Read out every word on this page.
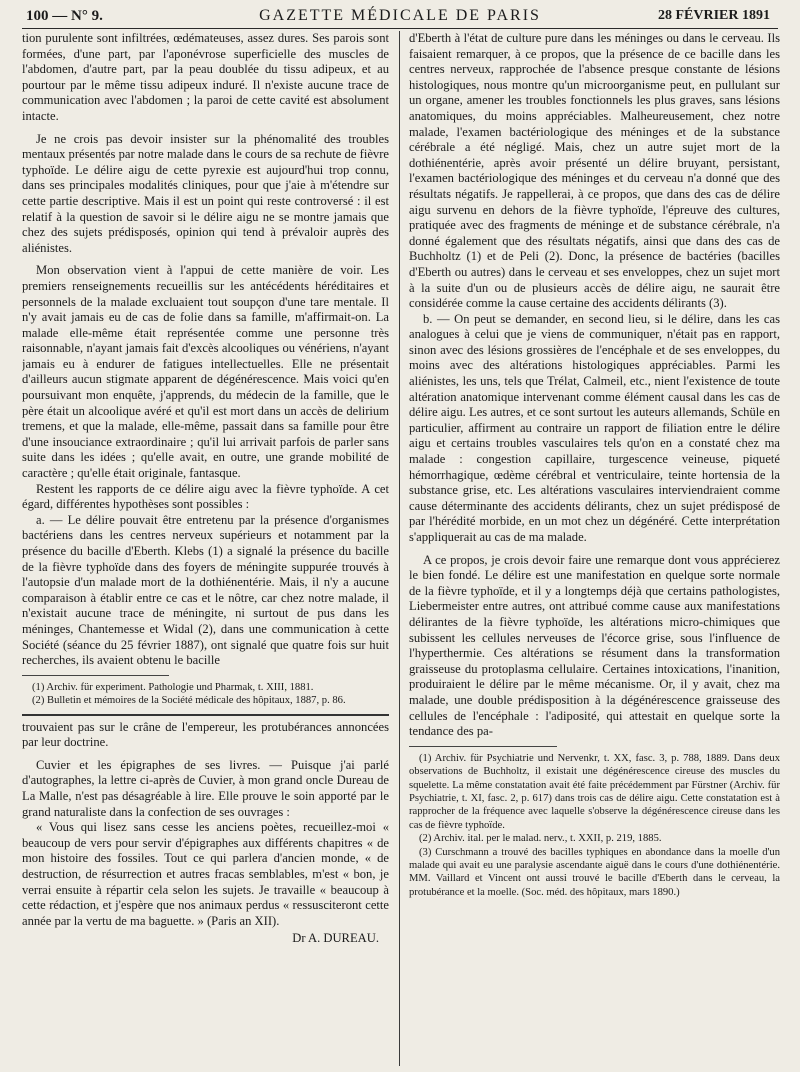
100 — N° 9.	GAZETTE MÉDICALE DE PARIS	28 FÉVRIER 1891

tion purulente sont infiltrées, œdémateuses, assez dures. Ses parois sont formées, d'une part, par l'aponévrose superficielle des muscles de l'abdomen, d'autre part, par la peau doublée du tissu adipeux, et au pourtour par le même tissu adipeux induré. Il n'existe aucune trace de communication avec l'abdomen ; la paroi de cette cavité est absolument intacte.

Je ne crois pas devoir insister sur la phénomalité des troubles mentaux présentés par notre malade dans le cours de sa rechute de fièvre typhoïde. Le délire aigu de cette pyrexie est aujourd'hui trop connu, dans ses principales modalités cliniques, pour que j'aie à m'étendre sur cette partie descriptive. Mais il est un point qui reste controversé : il est relatif à la question de savoir si le délire aigu ne se montre jamais que chez des sujets prédisposés, opinion qui tend à prévaloir auprès des aliénistes.

Mon observation vient à l'appui de cette manière de voir. Les premiers renseignements recueillis sur les antécédents héréditaires et personnels de la malade excluaient tout soupçon d'une tare mentale. Il n'y avait jamais eu de cas de folie dans sa famille, m'affirmait-on. La malade elle-même était représentée comme une personne très raisonnable, n'ayant jamais fait d'excès alcooliques ou vénériens, n'ayant jamais eu à endurer de fatigues intellectuelles. Elle ne présentait d'ailleurs aucun stigmate apparent de dégénérescence. Mais voici qu'en poursuivant mon enquête, j'apprends, du médecin de la famille, que le père était un alcoolique avéré et qu'il est mort dans un accès de delirium tremens, et que la malade, elle-même, passait dans sa famille pour être d'une insouciance extraordinaire ; qu'il lui arrivait parfois de parler sans suite dans les idées ; qu'elle avait, en outre, une grande mobilité de caractère ; qu'elle était originale, fantasque.

Restent les rapports de ce délire aigu avec la fièvre typhoïde. A cet égard, différentes hypothèses sont possibles :

a. — Le délire pouvait être entretenu par la présence d'organismes bactériens dans les centres nerveux supérieurs et notamment par la présence du bacille d'Eberth. Klebs (1) a signalé la présence du bacille de la fièvre typhoïde dans des foyers de méningite suppurée trouvés à l'autopsie d'un malade mort de la dothiénentérie. Mais, il n'y a aucune comparaison à établir entre ce cas et le nôtre, car chez notre malade, il n'existait aucune trace de méningite, ni surtout de pus dans les méninges, Chantemesse et Widal (2), dans une communication à cette Société (séance du 25 février 1887), ont signalé que quatre fois sur huit recherches, ils avaient obtenu le bacille

(1) Archiv. für experiment. Pathologie und Pharmak, t. XIII, 1881.

(2) Bulletin et mémoires de la Société médicale des hôpitaux, 1887, p. 86.

trouvaient pas sur le crâne de l'empereur, les protubérances annoncées par leur doctrine.

Cuvier et les épigraphes de ses livres. — Puisque j'ai parlé d'autographes, la lettre ci-après de Cuvier, à mon grand oncle Dureau de La Malle, n'est pas désagréable à lire. Elle prouve le soin apporté par le grand naturaliste dans la confection de ses ouvrages :

« Vous qui lisez sans cesse les anciens poètes, recueillez-moi « beaucoup de vers pour servir d'épigraphes aux différents chapitres « de mon histoire des fossiles. Tout ce qui parlera d'ancien monde, « de destruction, de résurrection et autres fracas semblables, m'est « bon, je verrai ensuite à répartir cela selon les sujets. Je travaille « beaucoup à cette rédaction, et j'espère que nos animaux perdus « ressusciteront cette année par la vertu de ma baguette. » (Paris an XII).

Dr A. DUREAU.

d'Eberth à l'état de culture pure dans les méninges ou dans le cerveau. Ils faisaient remarquer, à ce propos, que la présence de ce bacille dans les centres nerveux, rapprochée de l'absence presque constante de lésions histologiques, nous montre qu'un microorganisme peut, en pullulant sur un organe, amener les troubles fonctionnels les plus graves, sans lésions anatomiques, du moins appréciables. Malheureusement, chez notre malade, l'examen bactériologique des méninges et de la substance cérébrale a été négligé. Mais, chez un autre sujet mort de la dothiénentérie, après avoir présenté un délire bruyant, persistant, l'examen bactériologique des méninges et du cerveau n'a donné que des résultats négatifs. Je rappellerai, à ce propos, que dans des cas de délire aigu survenu en dehors de la fièvre typhoïde, l'épreuve des cultures, pratiquée avec des fragments de méninge et de substance cérébrale, n'a donné également que des résultats négatifs, ainsi que dans des cas de Buchholtz (1) et de Peli (2). Donc, la présence de bactéries (bacilles d'Eberth ou autres) dans le cerveau et ses enveloppes, chez un sujet mort à la suite d'un ou de plusieurs accès de délire aigu, ne saurait être considérée comme la cause certaine des accidents délirants (3).

b. — On peut se demander, en second lieu, si le délire, dans les cas analogues à celui que je viens de communiquer, n'était pas en rapport, sinon avec des lésions grossières de l'encéphale et de ses enveloppes, du moins avec des altérations histologiques appréciables. Parmi les aliénistes, les uns, tels que Trélat, Calmeil, etc., nient l'existence de toute altération anatomique intervenant comme élément causal dans les cas de délire aigu. Les autres, et ce sont surtout les auteurs allemands, Schüle en particulier, affirment au contraire un rapport de filiation entre le délire aigu et certains troubles vasculaires tels qu'on en a constaté chez ma malade : congestion capillaire, turgescence veineuse, piqueté hémorrhagique, œdème cérébral et ventriculaire, teinte hortensia de la substance grise, etc. Les altérations vasculaires interviendraient comme cause déterminante des accidents délirants, chez un sujet prédisposé de par l'hérédité morbide, en un mot chez un dégénéré. Cette interprétation s'appliquerait au cas de ma malade.

A ce propos, je crois devoir faire une remarque dont vous apprécierez le bien fondé. Le délire est une manifestation en quelque sorte normale de la fièvre typhoïde, et il y a longtemps déjà que certains pathologistes, Liebermeister entre autres, ont attribué comme cause aux manifestations délirantes de la fièvre typhoïde, les altérations micro-chimiques que subissent les cellules nerveuses de l'écorce grise, sous l'influence de l'hyperthermie. Ces altérations se résument dans la transformation graisseuse du protoplasma cellulaire. Certaines intoxications, l'inanition, produiraient le délire par le même mécanisme. Or, il y avait, chez ma malade, une double prédisposition à la dégénérescence graisseuse des cellules de l'encéphale : l'adiposité, qui attestait en quelque sorte la tendance des pa-

(1) Archiv. für Psychiatrie und Nervenkr, t. XX, fasc. 3, p. 788, 1889. Dans deux observations de Buchholtz, il existait une dégénérescence cireuse des muscles du squelette. La même constatation avait été faite précédemment par Fürstner (Archiv. für Psychiatrie, t. XI, fasc. 2, p. 617) dans trois cas de délire aigu. Cette constatation est à rapprocher de la fréquence avec laquelle s'observe la dégénérescence cireuse dans les cas de fièvre typhoïde.

(2) Archiv. ital. per le malad. nerv., t. XXII, p. 219, 1885.

(3) Curschmann a trouvé des bacilles typhiques en abondance dans la moelle d'un malade qui avait eu une paralysie ascendante aiguë dans le cours d'une dothiénentérie. MM. Vaillard et Vincent ont aussi trouvé le bacille d'Eberth dans le cerveau, la protubérance et la moelle. (Soc. méd. des hôpitaux, mars 1890.)
